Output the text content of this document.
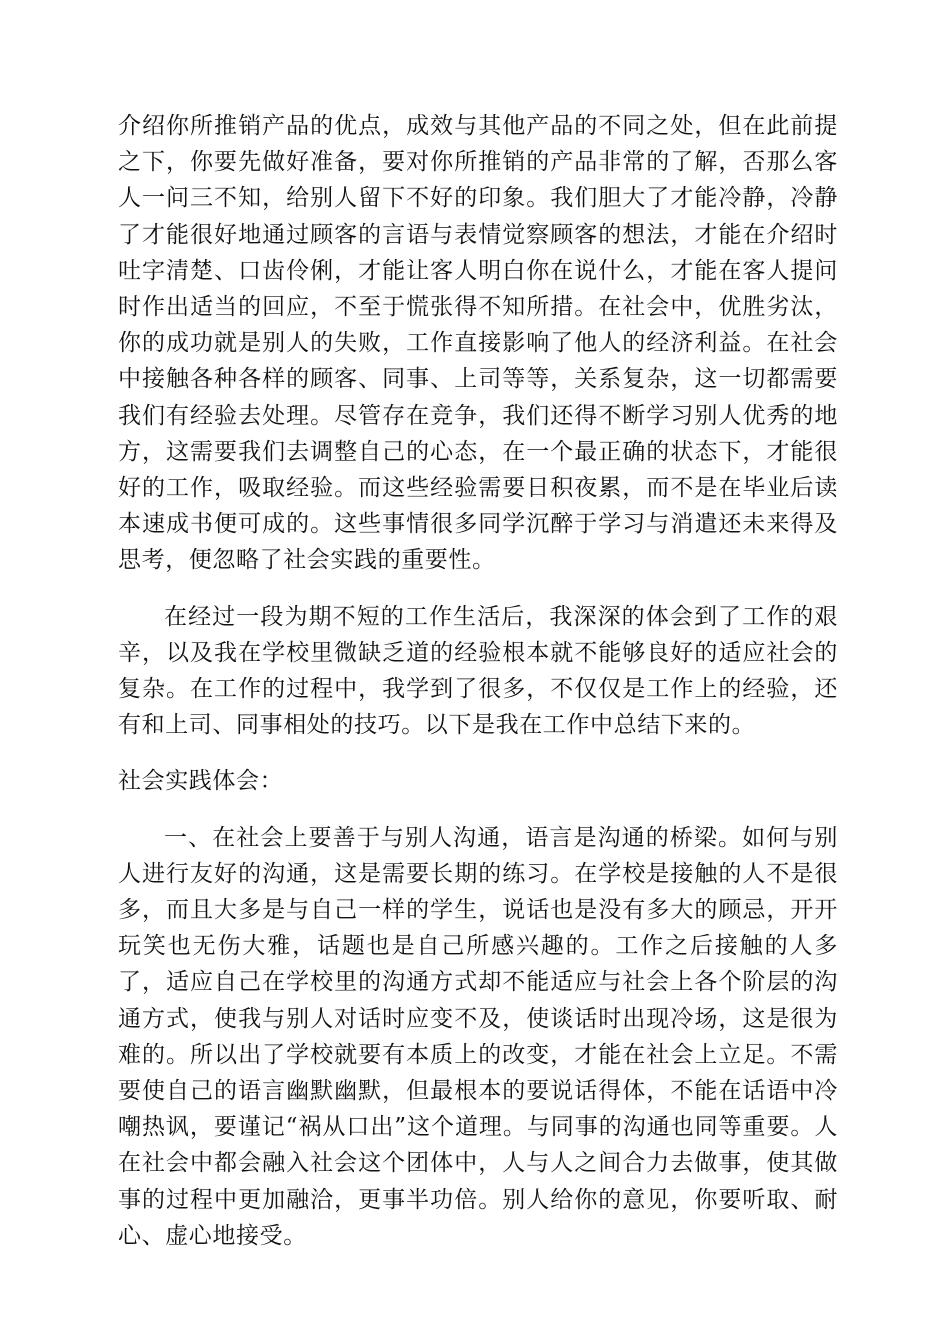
介绍你所推销产品的优点，成效与其他产品的不同之处，但在此前提之下，你要先做好准备，要对你所推销的产品非常的了解，否那么客人一问三不知，给别人留下不好的印象。我们胆大了才能冷静，冷静了才能很好地通过顾客的言语与表情觉察顾客的想法，才能在介绍时吐字清楚、口齿伶俐，才能让客人明白你在说什么，才能在客人提问时作出适当的回应，不至于慌张得不知所措。在社会中，优胜劣汰，你的成功就是别人的失败，工作直接影响了他人的经济利益。在社会中接触各种各样的顾客、同事、上司等等，关系复杂，这一切都需要我们有经验去处理。尽管存在竞争，我们还得不断学习别人优秀的地方，这需要我们去调整自己的心态，在一个最正确的状态下，才能很好的工作，吸取经验。而这些经验需要日积夜累，而不是在毕业后读本速成书便可成的。这些事情很多同学沉醉于学习与消遣还未来得及思考，便忽略了社会实践的重要性。

在经过一段为期不短的工作生活后，我深深的体会到了工作的艰辛，以及我在学校里微缺乏道的经验根本就不能够良好的适应社会的复杂。在工作的过程中，我学到了很多，不仅仅是工作上的经验，还有和上司、同事相处的技巧。以下是我在工作中总结下来的。

社会实践体会：

一、在社会上要善于与别人沟通，语言是沟通的桥梁。如何与别人进行友好的沟通，这是需要长期的练习。在学校是接触的人不是很多，而且大多是与自己一样的学生，说话也是没有多大的顾忌，开开玩笑也无伤大雅，话题也是自己所感兴趣的。工作之后接触的人多了，适应自己在学校里的沟通方式却不能适应与社会上各个阶层的沟通方式，使我与别人对话时应变不及，使谈话时出现冷场，这是很为难的。所以出了学校就要有本质上的改变，才能在社会上立足。不需要使自己的语言幽默幽默，但最根本的要说话得体，不能在话语中冷嘲热讽，要谨记“祸从口出”这个道理。与同事的沟通也同等重要。人在社会中都会融入社会这个团体中，人与人之间合力去做事，使其做事的过程中更加融洽，更事半功倍。别人给你的意见，你要听取、耐心、虚心地接受。
